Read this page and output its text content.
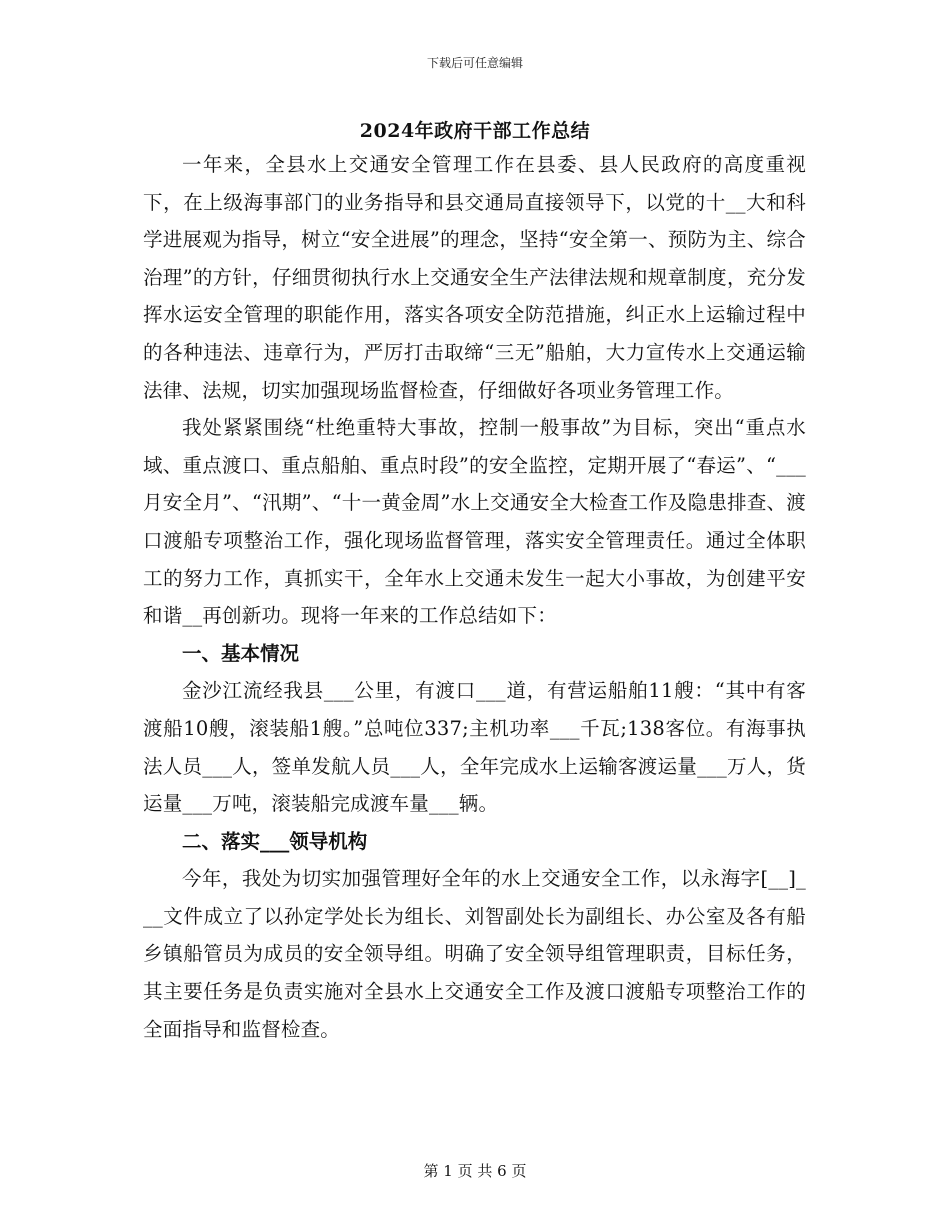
下载后可任意编辑
2024年政府干部工作总结

一年来，全县水上交通安全管理工作在县委、县人民政府的高度重视下，在上级海事部门的业务指导和县交通局直接领导下，以党的十__大和科学进展观为指导，树立“安全进展”的理念，坚持“安全第一、预防为主、综合治理”的方针，仔细贯彻执行水上交通安全生产法律法规和规章制度，充分发挥水运安全管理的职能作用，落实各项安全防范措施，纠正水上运输过程中的各种违法、违章行为，严厉打击取缔“三无”船舶，大力宣传水上交通运输法律、法规，切实加强现场监督检查，仔细做好各项业务管理工作。

我处紧紧围绕“杜绝重特大事故，控制一般事故”为目标，突出“重点水域、重点渡口、重点船舶、重点时段”的安全监控，定期开展了“春运”、“___月安全月”、“汛期”、“十一黄金周”水上交通安全大检查工作及隐患排查、渡口渡船专项整治工作，强化现场监督管理，落实安全管理责任。通过全体职工的努力工作，真抓实干，全年水上交通未发生一起大小事故，为创建平安和谐__再创新功。现将一年来的工作总结如下：

一、基本情况

金沙江流经我县___公里，有渡口___道，有营运船舶11艘：“其中有客渡船10艘，滚装船1艘。”总吨位337;主机功率___千瓦;138客位。有海事执法人员___人，签单发航人员___人，全年完成水上运输客渡运量___万人，货运量___万吨，滚装船完成渡车量___辆。

二、落实___领导机构

今年，我处为切实加强管理好全年的水上交通安全工作，以永海字[__]___文件成立了以孙定学处长为组长、刘智副处长为副组长、办公室及各有船乡镇船管员为成员的安全领导组。明确了安全领导组管理职责，目标任务，其主要任务是负责实施对全县水上交通安全工作及渡口渡船专项整治工作的全面指导和监督检查。

第 1 页 共 6 页
